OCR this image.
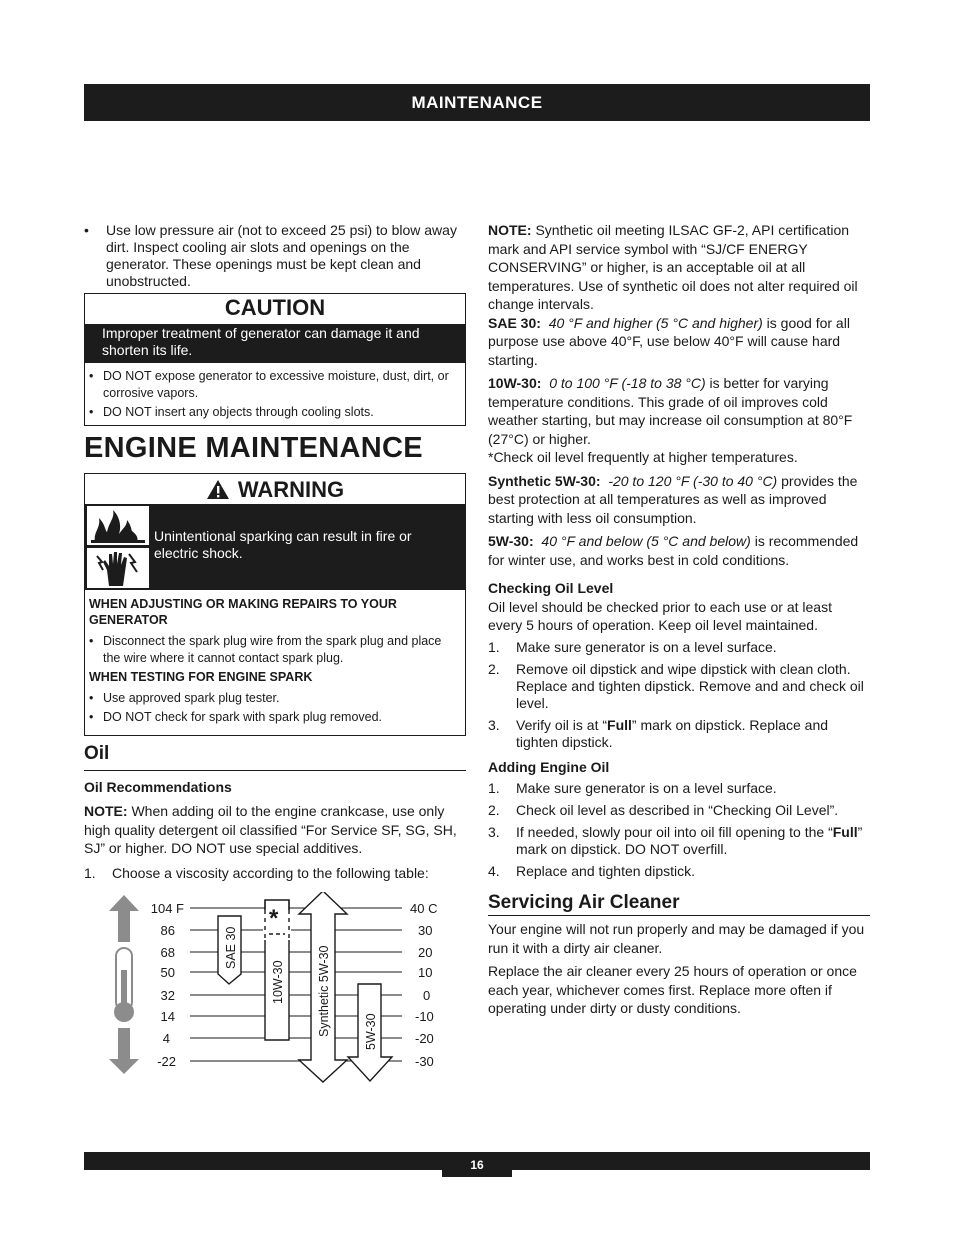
MAINTENANCE
16
• Use low pressure air (not to exceed 25 psi) to blow away dirt. Inspect cooling air slots and openings on the generator. These openings must be kept clean and unobstructed.
CAUTION
Improper treatment of generator can damage it and shorten its life.
• DO NOT expose generator to excessive moisture, dust, dirt, or corrosive vapors.
• DO NOT insert any objects through cooling slots.
ENGINE MAINTENANCE
WARNING
Unintentional sparking can result in fire or electric shock.
WHEN ADJUSTING OR MAKING REPAIRS TO YOUR GENERATOR
• Disconnect the spark plug wire from the spark plug and place the wire where it cannot contact spark plug.
WHEN TESTING FOR ENGINE SPARK
• Use approved spark plug tester.
• DO NOT check for spark with spark plug removed.
Oil
Oil Recommendations

NOTE: When adding oil to the engine crankcase, use only high quality detergent oil classified “For Service SF, SG, SH, SJ” or higher. DO NOT use special additives.

1. Choose a viscosity according to the following table:
104 F
86
68
50
32
14
4
-22
40 C
30
20
10
0
-10
-20
-30
SAE 30
*
10W-30	Synthetic 5W-30	5W-30

NOTE: Synthetic oil meeting ILSAC GF-2, API certification mark and API service symbol with “SJ/CF ENERGY CONSERVING” or higher, is an acceptable oil at all temperatures. Use of synthetic oil does not alter required oil change intervals.

SAE 30: 40 °F and higher (5 °C and higher) is good for all purpose use above 40°F, use below 40°F will cause hard starting.

10W-30: 0 to 100 °F (-18 to 38 °C) is better for varying temperature conditions. This grade of oil improves cold weather starting, but may increase oil consumption at 80°F (27°C) or higher.

*Check oil level frequently at higher temperatures.

Synthetic 5W-30: -20 to 120 °F (-30 to 40 °C) provides the best protection at all temperatures as well as improved starting with less oil consumption.

5W-30: 40 °F and below (5 °C and below) is recommended for winter use, and works best in cold conditions.

Checking Oil Level

Oil level should be checked prior to each use or at least every 5 hours of operation. Keep oil level maintained.

1. Make sure generator is on a level surface.
2. Remove oil dipstick and wipe dipstick with clean cloth. Replace and tighten dipstick. Remove and and check oil level.
3. Verify oil is at “Full” mark on dipstick. Replace and tighten dipstick.
Adding Engine Oil
1. Make sure generator is on a level surface.
2. Check oil level as described in “Checking Oil Level”.
3. If needed, slowly pour oil into oil fill opening to the “Full” mark on dipstick. DO NOT overfill.
4. Replace and tighten dipstick.
Servicing Air Cleaner

Your engine will not run properly and may be damaged if you run it with a dirty air cleaner.

Replace the air cleaner every 25 hours of operation or once each year, whichever comes first. Replace more often if operating under dirty or dusty conditions.
